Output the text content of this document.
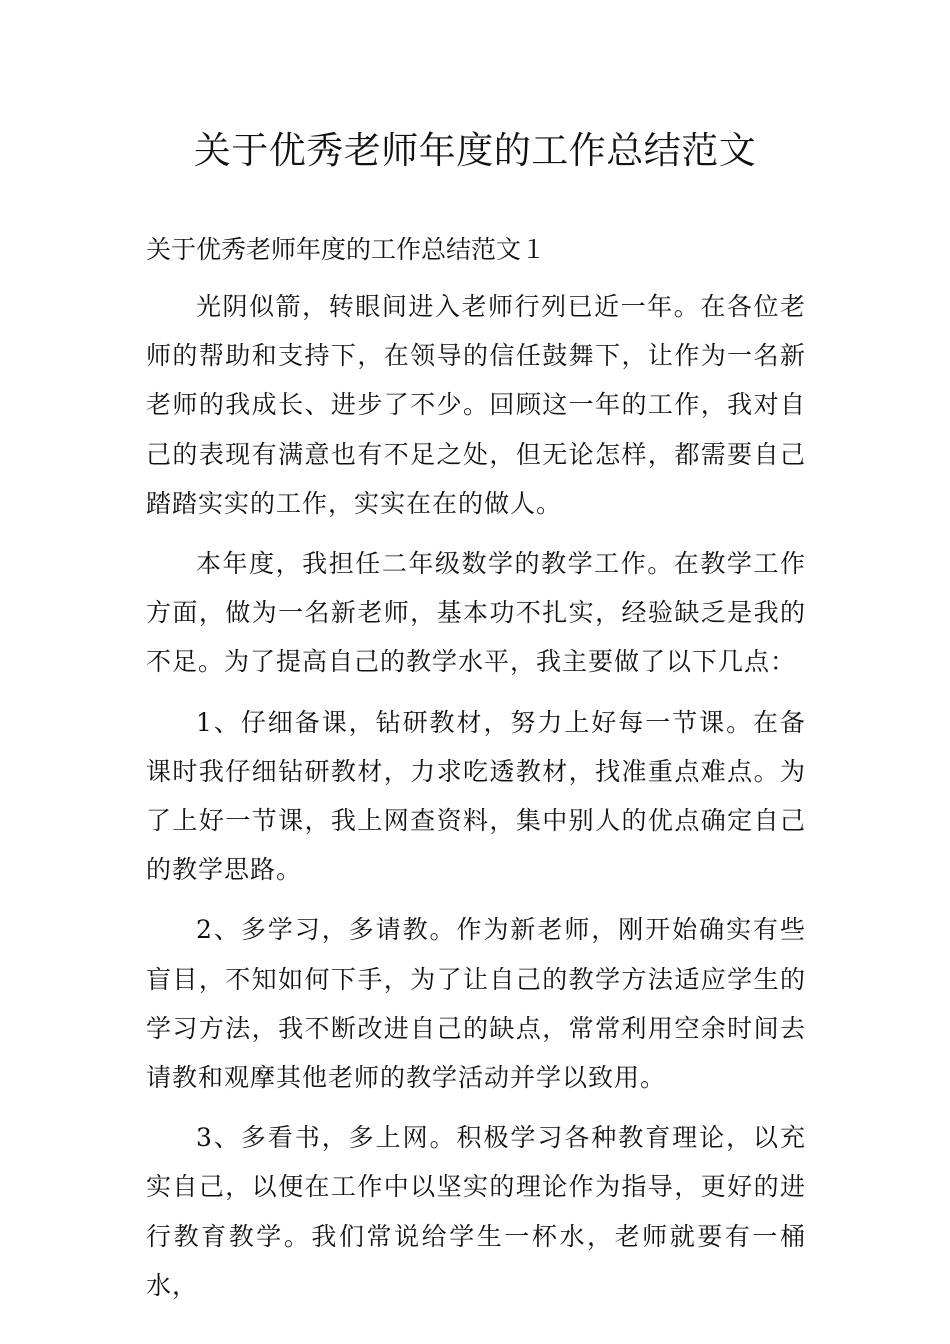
关于优秀老师年度的工作总结范文

关于优秀老师年度的工作总结范文１

光阴似箭，转眼间进入老师行列已近一年。在各位老师的帮助和支持下，在领导的信任鼓舞下，让作为一名新老师的我成长、进步了不少。回顾这一年的工作，我对自己的表现有满意也有不足之处，但无论怎样，都需要自己踏踏实实的工作，实实在在的做人。

本年度，我担任二年级数学的教学工作。在教学工作方面，做为一名新老师，基本功不扎实，经验缺乏是我的不足。为了提高自己的教学水平，我主要做了以下几点：

1、仔细备课，钻研教材，努力上好每一节课。在备课时我仔细钻研教材，力求吃透教材，找准重点难点。为了上好一节课，我上网查资料，集中别人的优点确定自己的教学思路。

2、多学习，多请教。作为新老师，刚开始确实有些盲目，不知如何下手，为了让自己的教学方法适应学生的学习方法，我不断改进自己的缺点，常常利用空余时间去请教和观摩其他老师的教学活动并学以致用。

3、多看书，多上网。积极学习各种教育理论，以充实自己，以便在工作中以坚实的理论作为指导，更好的进行教育教学。我们常说给学生一杯水，老师就要有一桶水，
